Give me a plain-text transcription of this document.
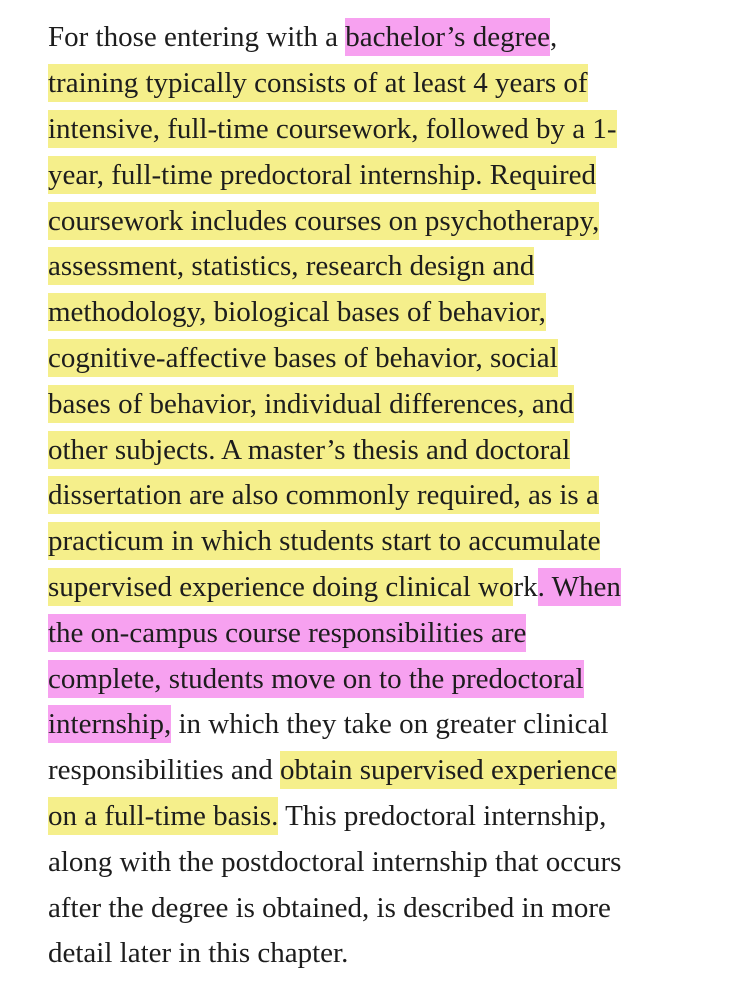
For those entering with a bachelor’s degree,
training typically consists of at least 4 years of
intensive, full-time coursework, followed by a 1-
year, full-time predoctoral internship. Required
coursework includes courses on psychotherapy,
assessment, statistics, research design and
methodology, biological bases of behavior,
cognitive-affective bases of behavior, social
bases of behavior, individual differences, and
other subjects. A master’s thesis and doctoral
dissertation are also commonly required, as is a
practicum in which students start to accumulate
supervised experience doing clinical work. When
the on-campus course responsibilities are
complete, students move on to the predoctoral
internship, in which they take on greater clinical
responsibilities and obtain supervised experience
on a full-time basis. This predoctoral internship,
along with the postdoctoral internship that occurs
after the degree is obtained, is described in more
detail later in this chapter.
